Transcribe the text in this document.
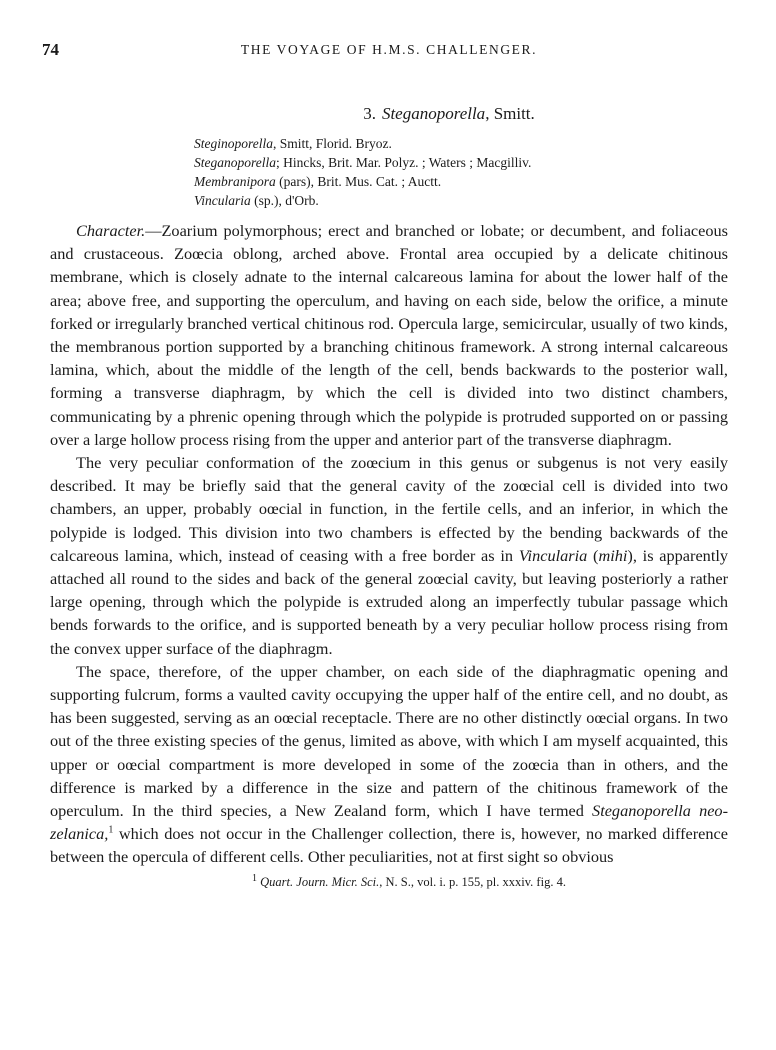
74	THE VOYAGE OF H.M.S. CHALLENGER.
3. Steganoporella, Smitt.
Steginoporella, Smitt, Florid. Bryoz.
Steganoporella; Hincks, Brit. Mar. Polyz. ; Waters ; Macgilliv.
Membranipora (pars), Brit. Mus. Cat. ; Auctt.
Vincularia (sp.), d'Orb.

Character.—Zoarium polymorphous; erect and branched or lobate; or decumbent, and foliaceous and crustaceous. Zoœcia oblong, arched above. Frontal area occupied by a delicate chitinous membrane, which is closely adnate to the internal calcareous lamina for about the lower half of the area; above free, and supporting the operculum, and having on each side, below the orifice, a minute forked or irregularly branched vertical chitinous rod. Opercula large, semicircular, usually of two kinds, the membranous portion supported by a branching chitinous framework. A strong internal calcareous lamina, which, about the middle of the length of the cell, bends backwards to the posterior wall, forming a transverse diaphragm, by which the cell is divided into two distinct chambers, communicating by a phrenic opening through which the polypide is protruded supported on or passing over a large hollow process rising from the upper and anterior part of the transverse diaphragm.

The very peculiar conformation of the zoœcium in this genus or subgenus is not very easily described. It may be briefly said that the general cavity of the zoœcial cell is divided into two chambers, an upper, probably oœcial in function, in the fertile cells, and an inferior, in which the polypide is lodged. This division into two chambers is effected by the bending backwards of the calcareous lamina, which, instead of ceasing with a free border as in Vincularia (mihi), is apparently attached all round to the sides and back of the general zoœcial cavity, but leaving posteriorly a rather large opening, through which the polypide is extruded along an imperfectly tubular passage which bends forwards to the orifice, and is supported beneath by a very peculiar hollow process rising from the convex upper surface of the diaphragm.

The space, therefore, of the upper chamber, on each side of the diaphragmatic opening and supporting fulcrum, forms a vaulted cavity occupying the upper half of the entire cell, and no doubt, as has been suggested, serving as an oœcial receptacle. There are no other distinctly oœcial organs. In two out of the three existing species of the genus, limited as above, with which I am myself acquainted, this upper or oœcial compartment is more developed in some of the zoœcia than in others, and the difference is marked by a difference in the size and pattern of the chitinous framework of the operculum. In the third species, a New Zealand form, which I have termed Steganoporella neo-zelanica,$^1$ which does not occur in the Challenger collection, there is, however, no marked difference between the opercula of different cells. Other peculiarities, not at first sight so obvious

$^1$ Quart. Journ. Micr. Sci., N. S., vol. i. p. 155, pl. xxxiv. fig. 4.
